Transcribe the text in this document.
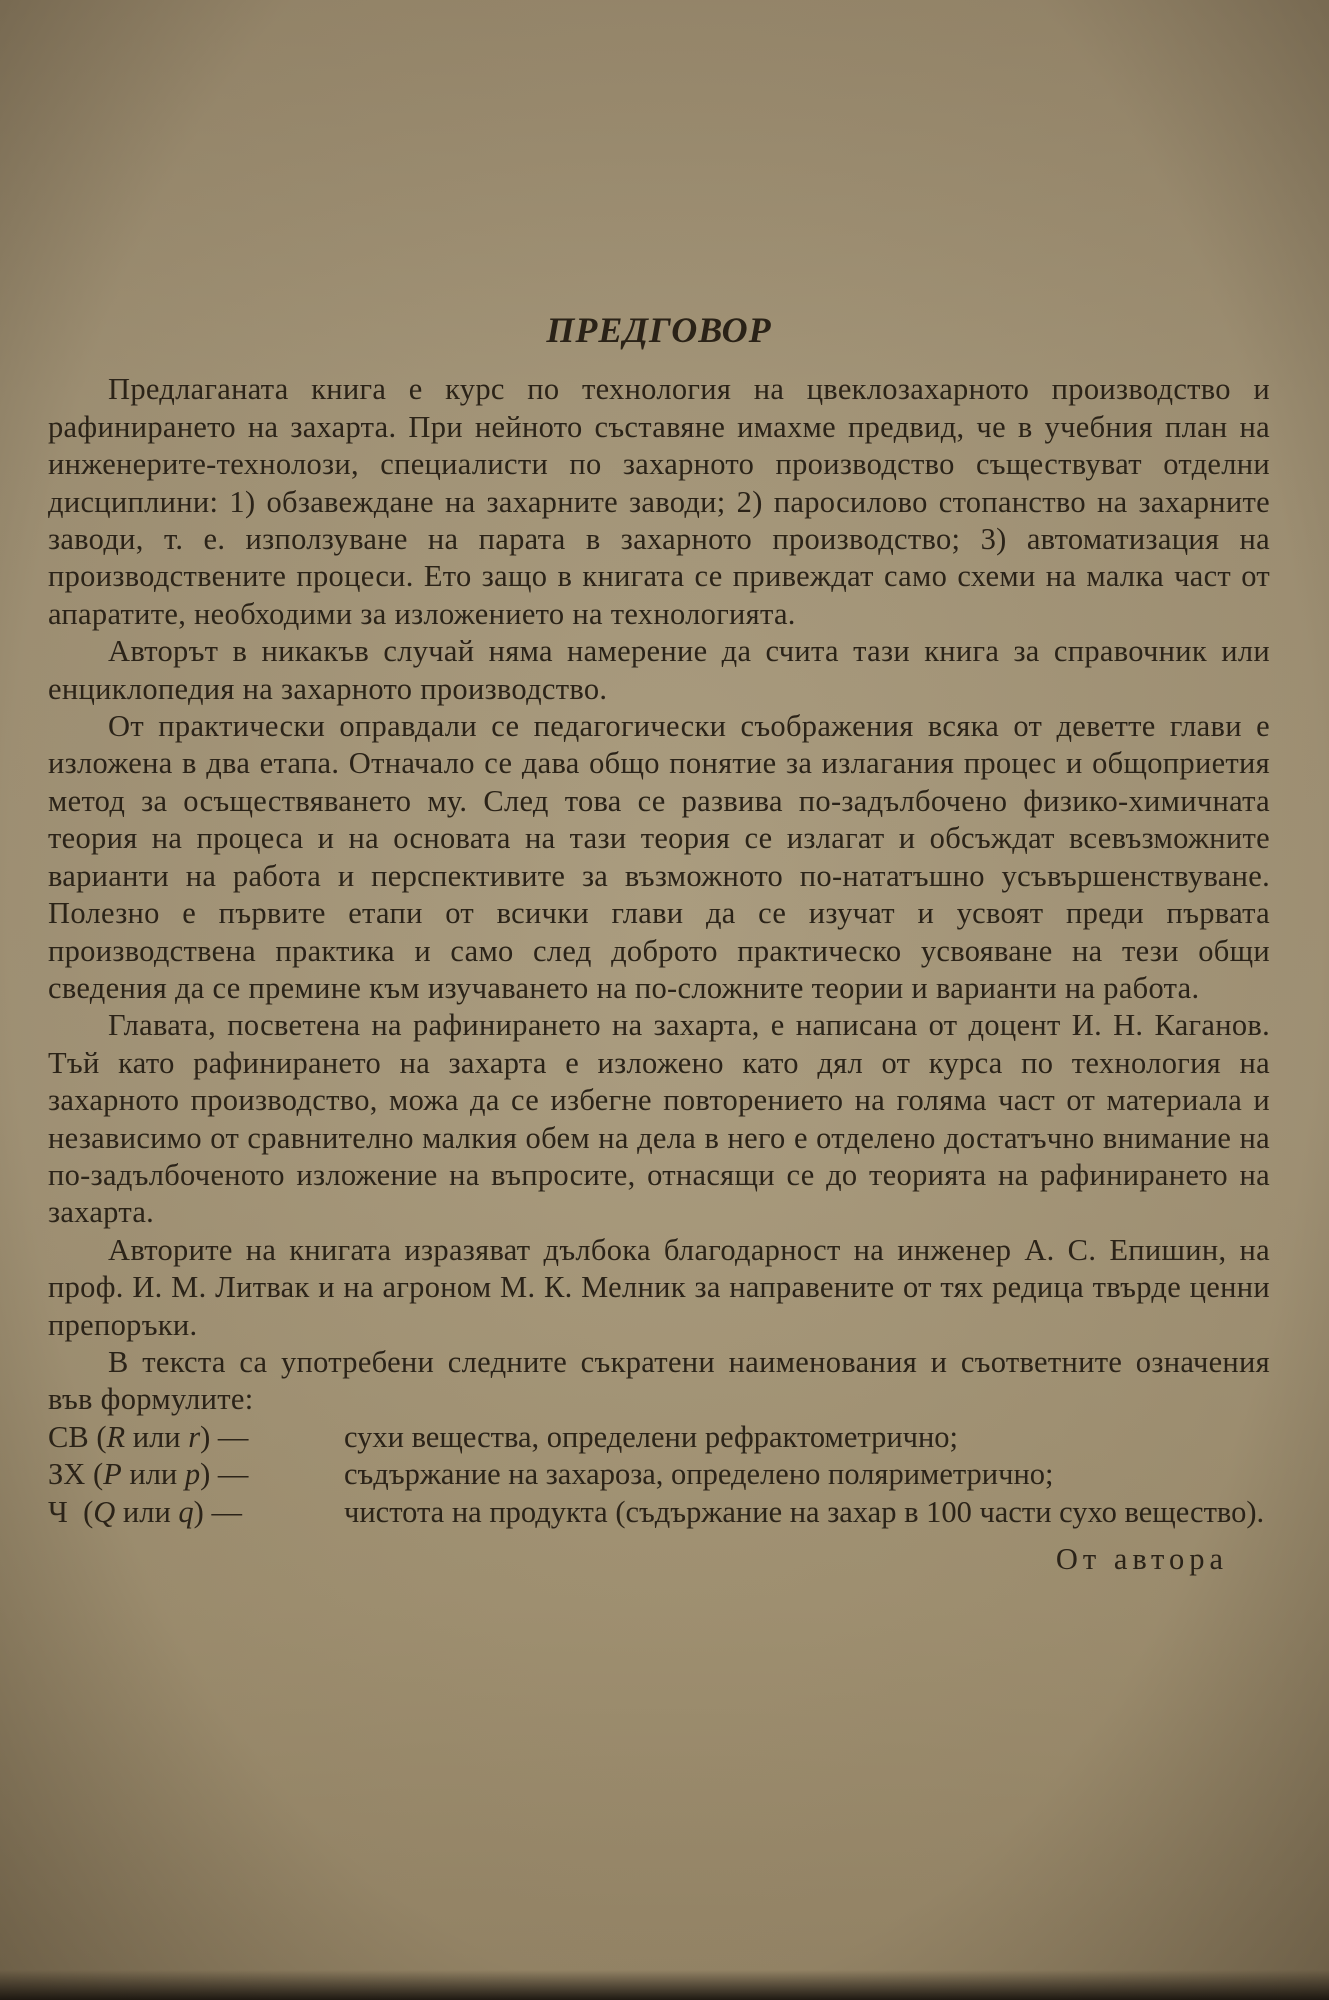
ПРЕДГОВОР

Предлаганата книга е курс по технология на цвеклозахарното производство и рафинирането на захарта. При нейното съставяне имахме предвид, че в учебния план на инженерите-технолози, специалисти по захарното производство съществуват отделни дисциплини: 1) обзавеждане на захарните заводи; 2) паросилово стопанство на захарните заводи, т. е. използуване на парата в захарното производство; 3) автоматизация на производствените процеси. Ето защо в книгата се привеждат само схеми на малка част от апаратите, необходими за изложението на технологията.

Авторът в никакъв случай няма намерение да счита тази книга за справочник или енциклопедия на захарното производство.

От практически оправдали се педагогически съображения всяка от деветте глави е изложена в два етапа. Отначало се дава общо понятие за излагания процес и общоприетия метод за осъществяването му. След това се развива по-задълбочено физико-химичната теория на процеса и на основата на тази теория се излагат и обсъждат всевъзможните варианти на работа и перспективите за възможното по-нататъшно усъвършенствуване. Полезно е първите етапи от всички глави да се изучат и усвоят преди първата производствена практика и само след доброто практическо усвояване на тези общи сведения да се премине към изучаването на по-сложните теории и варианти на работа.

Главата, посветена на рафинирането на захарта, е написана от доцент И. Н. Каганов. Тъй като рафинирането на захарта е изложено като дял от курса по технология на захарното производство, можа да се избегне повторението на голяма част от материала и независимо от сравнително малкия обем на дела в него е отделено достатъчно внимание на по-задълбоченото изложение на въпросите, отнасящи се до теорията на рафинирането на захарта.

Авторите на книгата изразяват дълбока благодарност на инженер А. С. Епишин, на проф. И. М. Литвак и на агроном М. К. Мелник за направените от тях редица твърде ценни препоръки.

В текста са употребени следните съкратени наименования и съответните означения във формулите:

СВ (R или r) —	сухи вещества, определени рефрактометрично;
ЗХ (P или p) —	съдържание на захароза, определено поляриметрично;
Ч  (Q или q) —	чистота на продукта (съдържание на захар в 100 части сухо вещество).
От автора
